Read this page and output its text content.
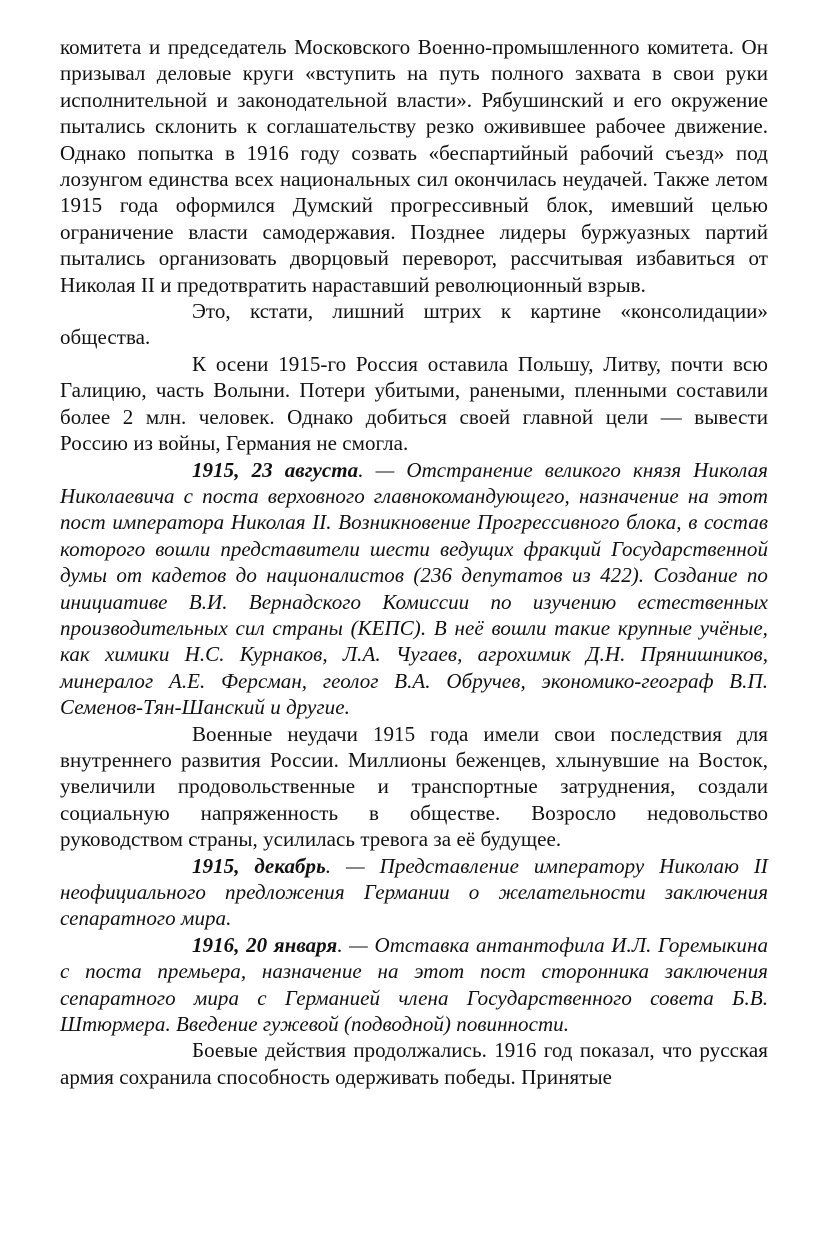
комитета и председатель Московского Военно-промышленного комитета. Он призывал деловые круги «вступить на путь полного захвата в свои руки исполнительной и законодательной власти». Рябушинский и его окружение пытались склонить к соглашательству резко оживившее рабочее движение. Однако попытка в 1916 году созвать «беспартийный рабочий съезд» под лозунгом единства всех национальных сил окончилась неудачей. Также летом 1915 года оформился Думский прогрессивный блок, имевший целью ограничение власти самодержавия. Позднее лидеры буржуазных партий пытались организовать дворцовый переворот, рассчитывая избавиться от Николая II и предотвратить нараставший революционный взрыв.

Это, кстати, лишний штрих к картине «консолидации» общества.

К осени 1915-го Россия оставила Польшу, Литву, почти всю Галицию, часть Волыни. Потери убитыми, ранеными, пленными составили более 2 млн. человек. Однако добиться своей главной цели — вывести Россию из войны, Германия не смогла.

1915, 23 августа. — Отстранение великого князя Николая Николаевича с поста верховного главнокомандующего, назначение на этот пост императора Николая II. Возникновение Прогрессивного блока, в состав которого вошли представители шести ведущих фракций Государственной думы от кадетов до националистов (236 депутатов из 422). Создание по инициативе В.И. Вернадского Комиссии по изучению естественных производительных сил страны (КЕПС). В неё вошли такие крупные учёные, как химики Н.С. Курнаков, Л.А. Чугаев, агрохимик Д.Н. Прянишников, минералог А.Е. Ферсман, геолог В.А. Обручев, экономико-географ В.П. Семенов-Тян-Шанский и другие.

Военные неудачи 1915 года имели свои последствия для внутреннего развития России. Миллионы беженцев, хлынувшие на Восток, увеличили продовольственные и транспортные затруднения, создали социальную напряженность в обществе. Возросло недовольство руководством страны, усилилась тревога за её будущее.

1915, декабрь. — Представление императору Николаю II неофициального предложения Германии о желательности заключения сепаратного мира.

1916, 20 января. — Отставка антантофила И.Л. Горемыкина с поста премьера, назначение на этот пост сторонника заключения сепаратного мира с Германией члена Государственного совета Б.В. Штюрмера. Введение гужевой (подводной) повинности.

Боевые действия продолжались. 1916 год показал, что русская армия сохранила способность одерживать победы. Принятые
